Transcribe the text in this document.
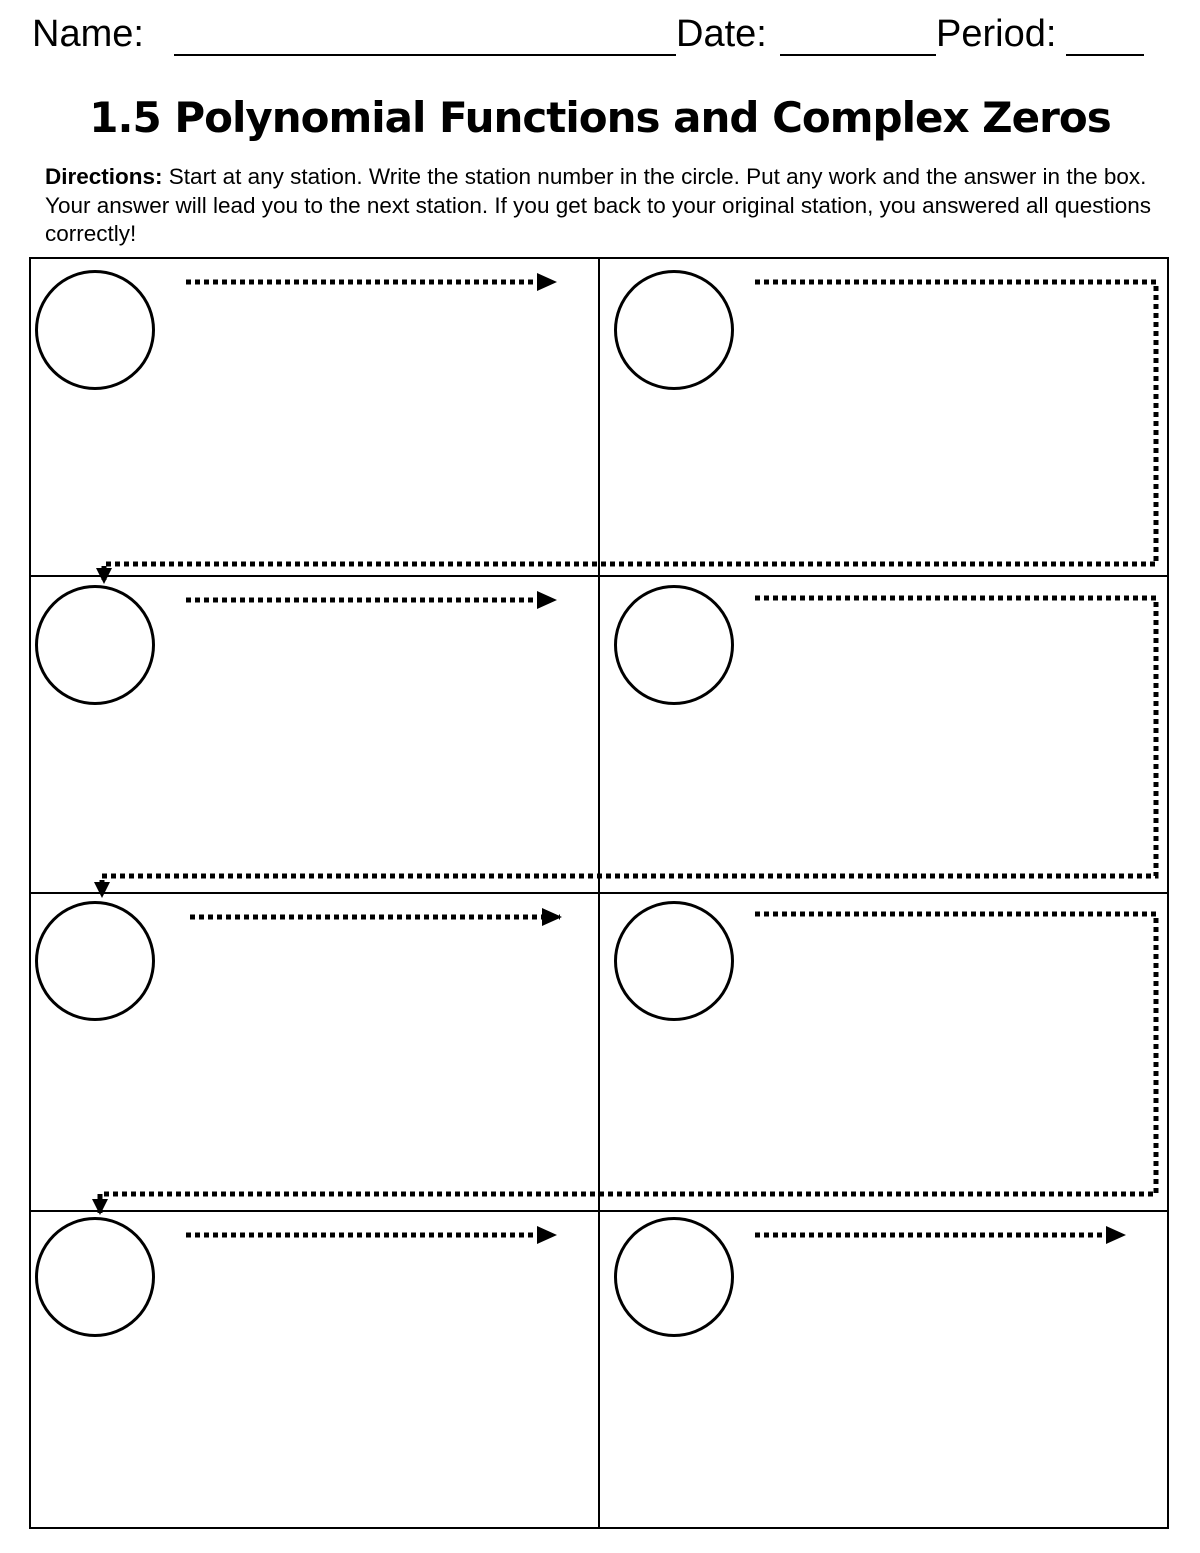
Name:	Date:	Period:
1.5 Polynomial Functions and Complex Zeros
Directions: Start at any station. Write the station number in the circle. Put any work and the answer in the box. Your answer will lead you to the next station. If you get back to your original station, you answered all questions correctly!
